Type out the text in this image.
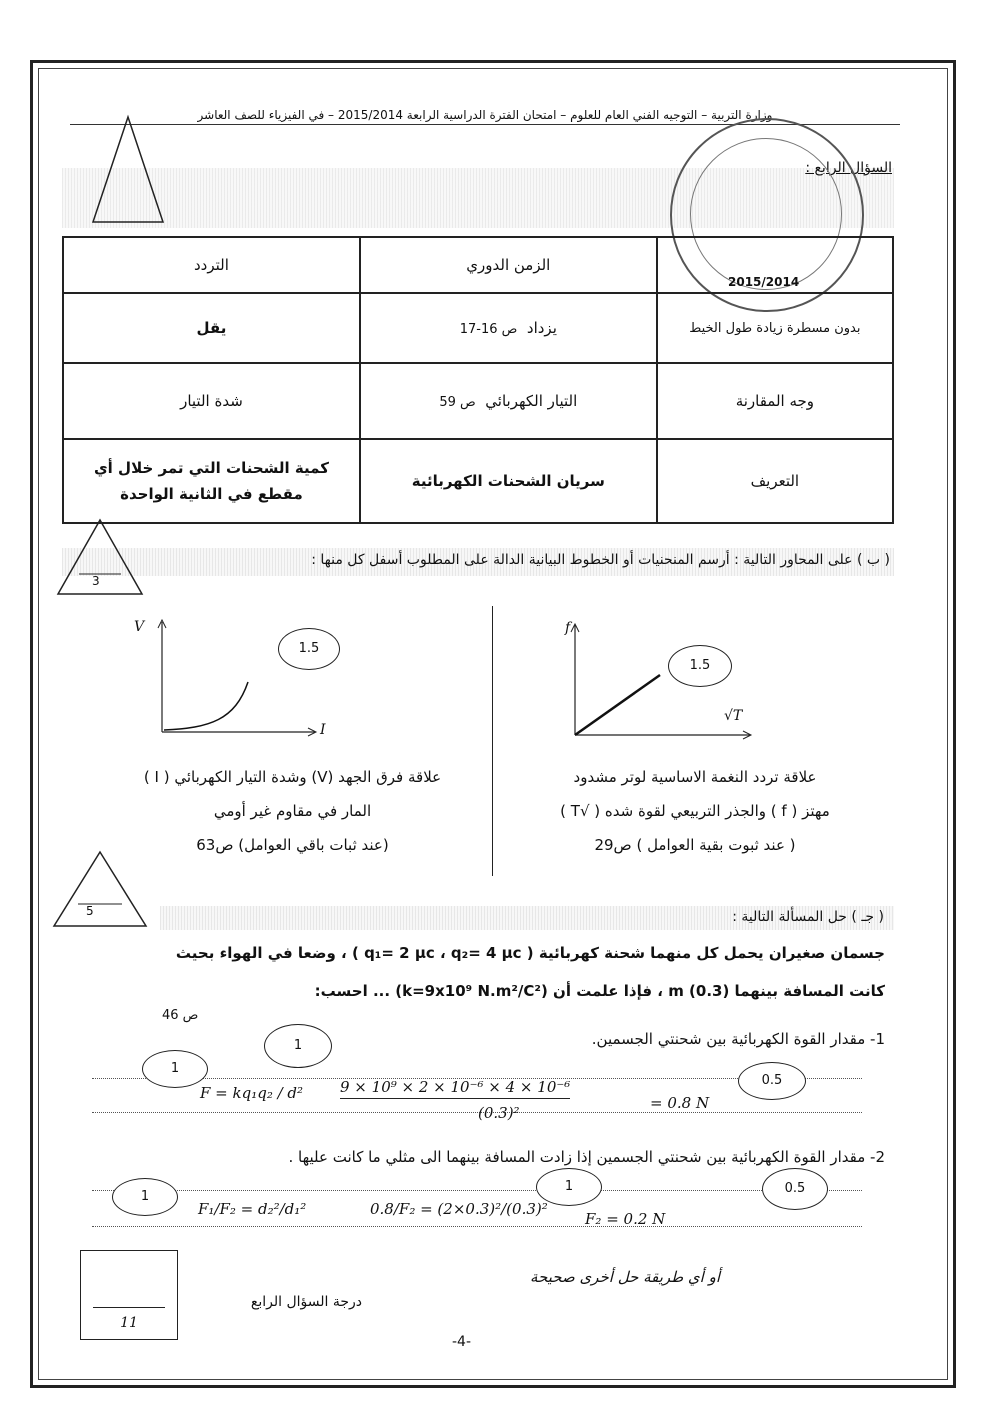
وزارة التربية – التوجيه الفني العام للعلوم – امتحان الفترة الدراسية الرابعة 2015/2014 – في الفيزياء للصف العاشر
السؤال الرابع :
2015/2014
	الزمن الدوري	التردد
بدون مسطرة زيادة طول الخيط	يزداد  ص 16-17	يقل
وجه المقارنة	التيار الكهربائي  ص 59	شدة التيار
التعريف	سريان الشحنات الكهربائية	كمية الشحنات التي تمر خلال أي مقطع في الثانية الواحدة
( ب ) على المحاور التالية : أرسم المنحنيات أو الخطوط البيانية الدالة على المطلوب أسفل كل منها :
3
V
I
1.5
f
√T
1.5
علاقة فرق الجهد (V) وشدة التيار الكهربائي ( I )
المار في مقاوم غير أومي
(عند ثبات باقي العوامل) ص63
علاقة تردد النغمة الاساسية لوتر مشدود
مهتز ( f ) والجذر التربيعي لقوة شده ( √T )
( عند ثبوت بقية العوامل ) ص29
5	( جـ ) حل المسألة التالية :
جسمان صغيران يحمل كل منهما شحنة كهربائية ( q₁= 2 μc ، q₂= 4 μc ) ، وضعا في الهواء بحيث
كانت المسافة بينهما (0.3) m ، فإذا علمت أن (k=9x10⁹ N.m²/C²) ... احسب:
ص 46
1- مقدار القوة الكهربائية بين شحنتي الجسمين.
F = kq₁q₂ / d² 9 × 10⁹ × 2 × 10⁻⁶ × 4 × 10⁻⁶
(0.3)²
= 0.8 N
1
1
0.5
2- مقدار القوة الكهربائية بين شحنتي الجسمين إذا زادت المسافة بينهما الى مثلي ما كانت عليها .
F₁/F₂ = d₂²/d₁²	0.8/F₂ = (2×0.3)²/(0.3)²
F₂ = 0.2 N
1
1	0.5
أو أي طريقة حل أخرى صحيحة
11
درجة السؤال الرابع
-4-
